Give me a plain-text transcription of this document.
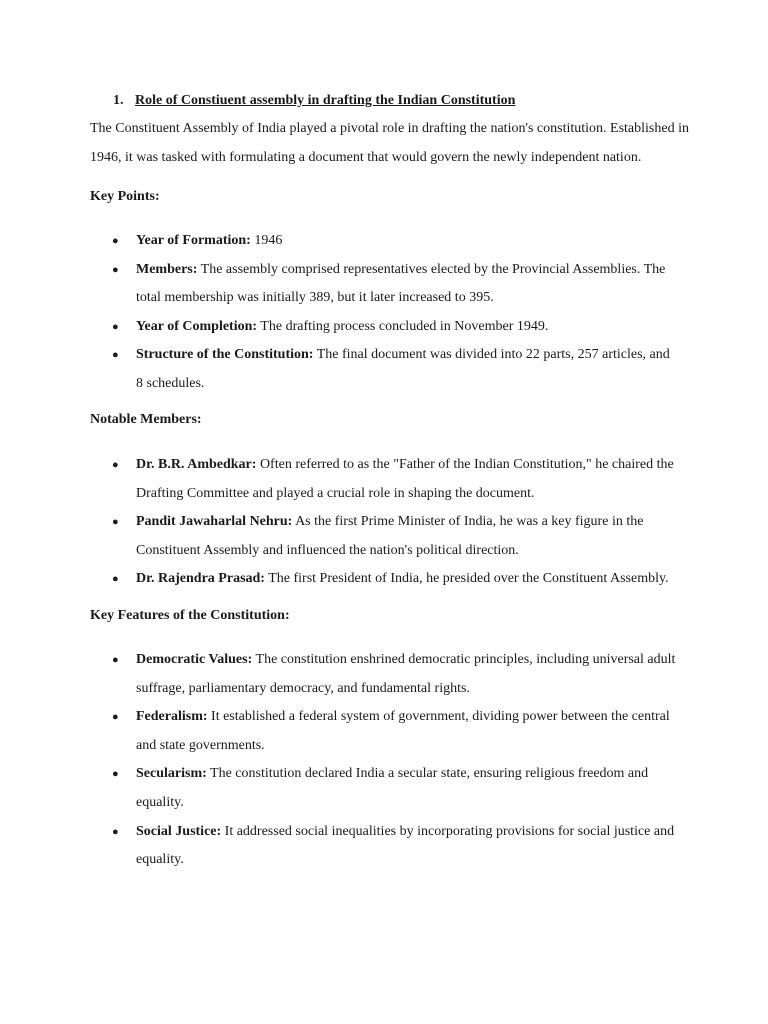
1. Role of Constiuent assembly in drafting the Indian Constitution

The Constituent Assembly of India played a pivotal role in drafting the nation's constitution. Established in 1946, it was tasked with formulating a document that would govern the newly independent nation.

Key Points:

● Year of Formation: 1946
● Members: The assembly comprised representatives elected by the Provincial Assemblies. The total membership was initially 389, but it later increased to 395.
● Year of Completion: The drafting process concluded in November 1949.
● Structure of the Constitution: The final document was divided into 22 parts, 257 articles, and 8 schedules.

Notable Members:

● Dr. B.R. Ambedkar: Often referred to as the "Father of the Indian Constitution," he chaired the Drafting Committee and played a crucial role in shaping the document.
● Pandit Jawaharlal Nehru: As the first Prime Minister of India, he was a key figure in the Constituent Assembly and influenced the nation's political direction.
● Dr. Rajendra Prasad: The first President of India, he presided over the Constituent Assembly.

Key Features of the Constitution:

● Democratic Values: The constitution enshrined democratic principles, including universal adult suffrage, parliamentary democracy, and fundamental rights.
● Federalism: It established a federal system of government, dividing power between the central and state governments.
● Secularism: The constitution declared India a secular state, ensuring religious freedom and equality.
● Social Justice: It addressed social inequalities by incorporating provisions for social justice and equality.
